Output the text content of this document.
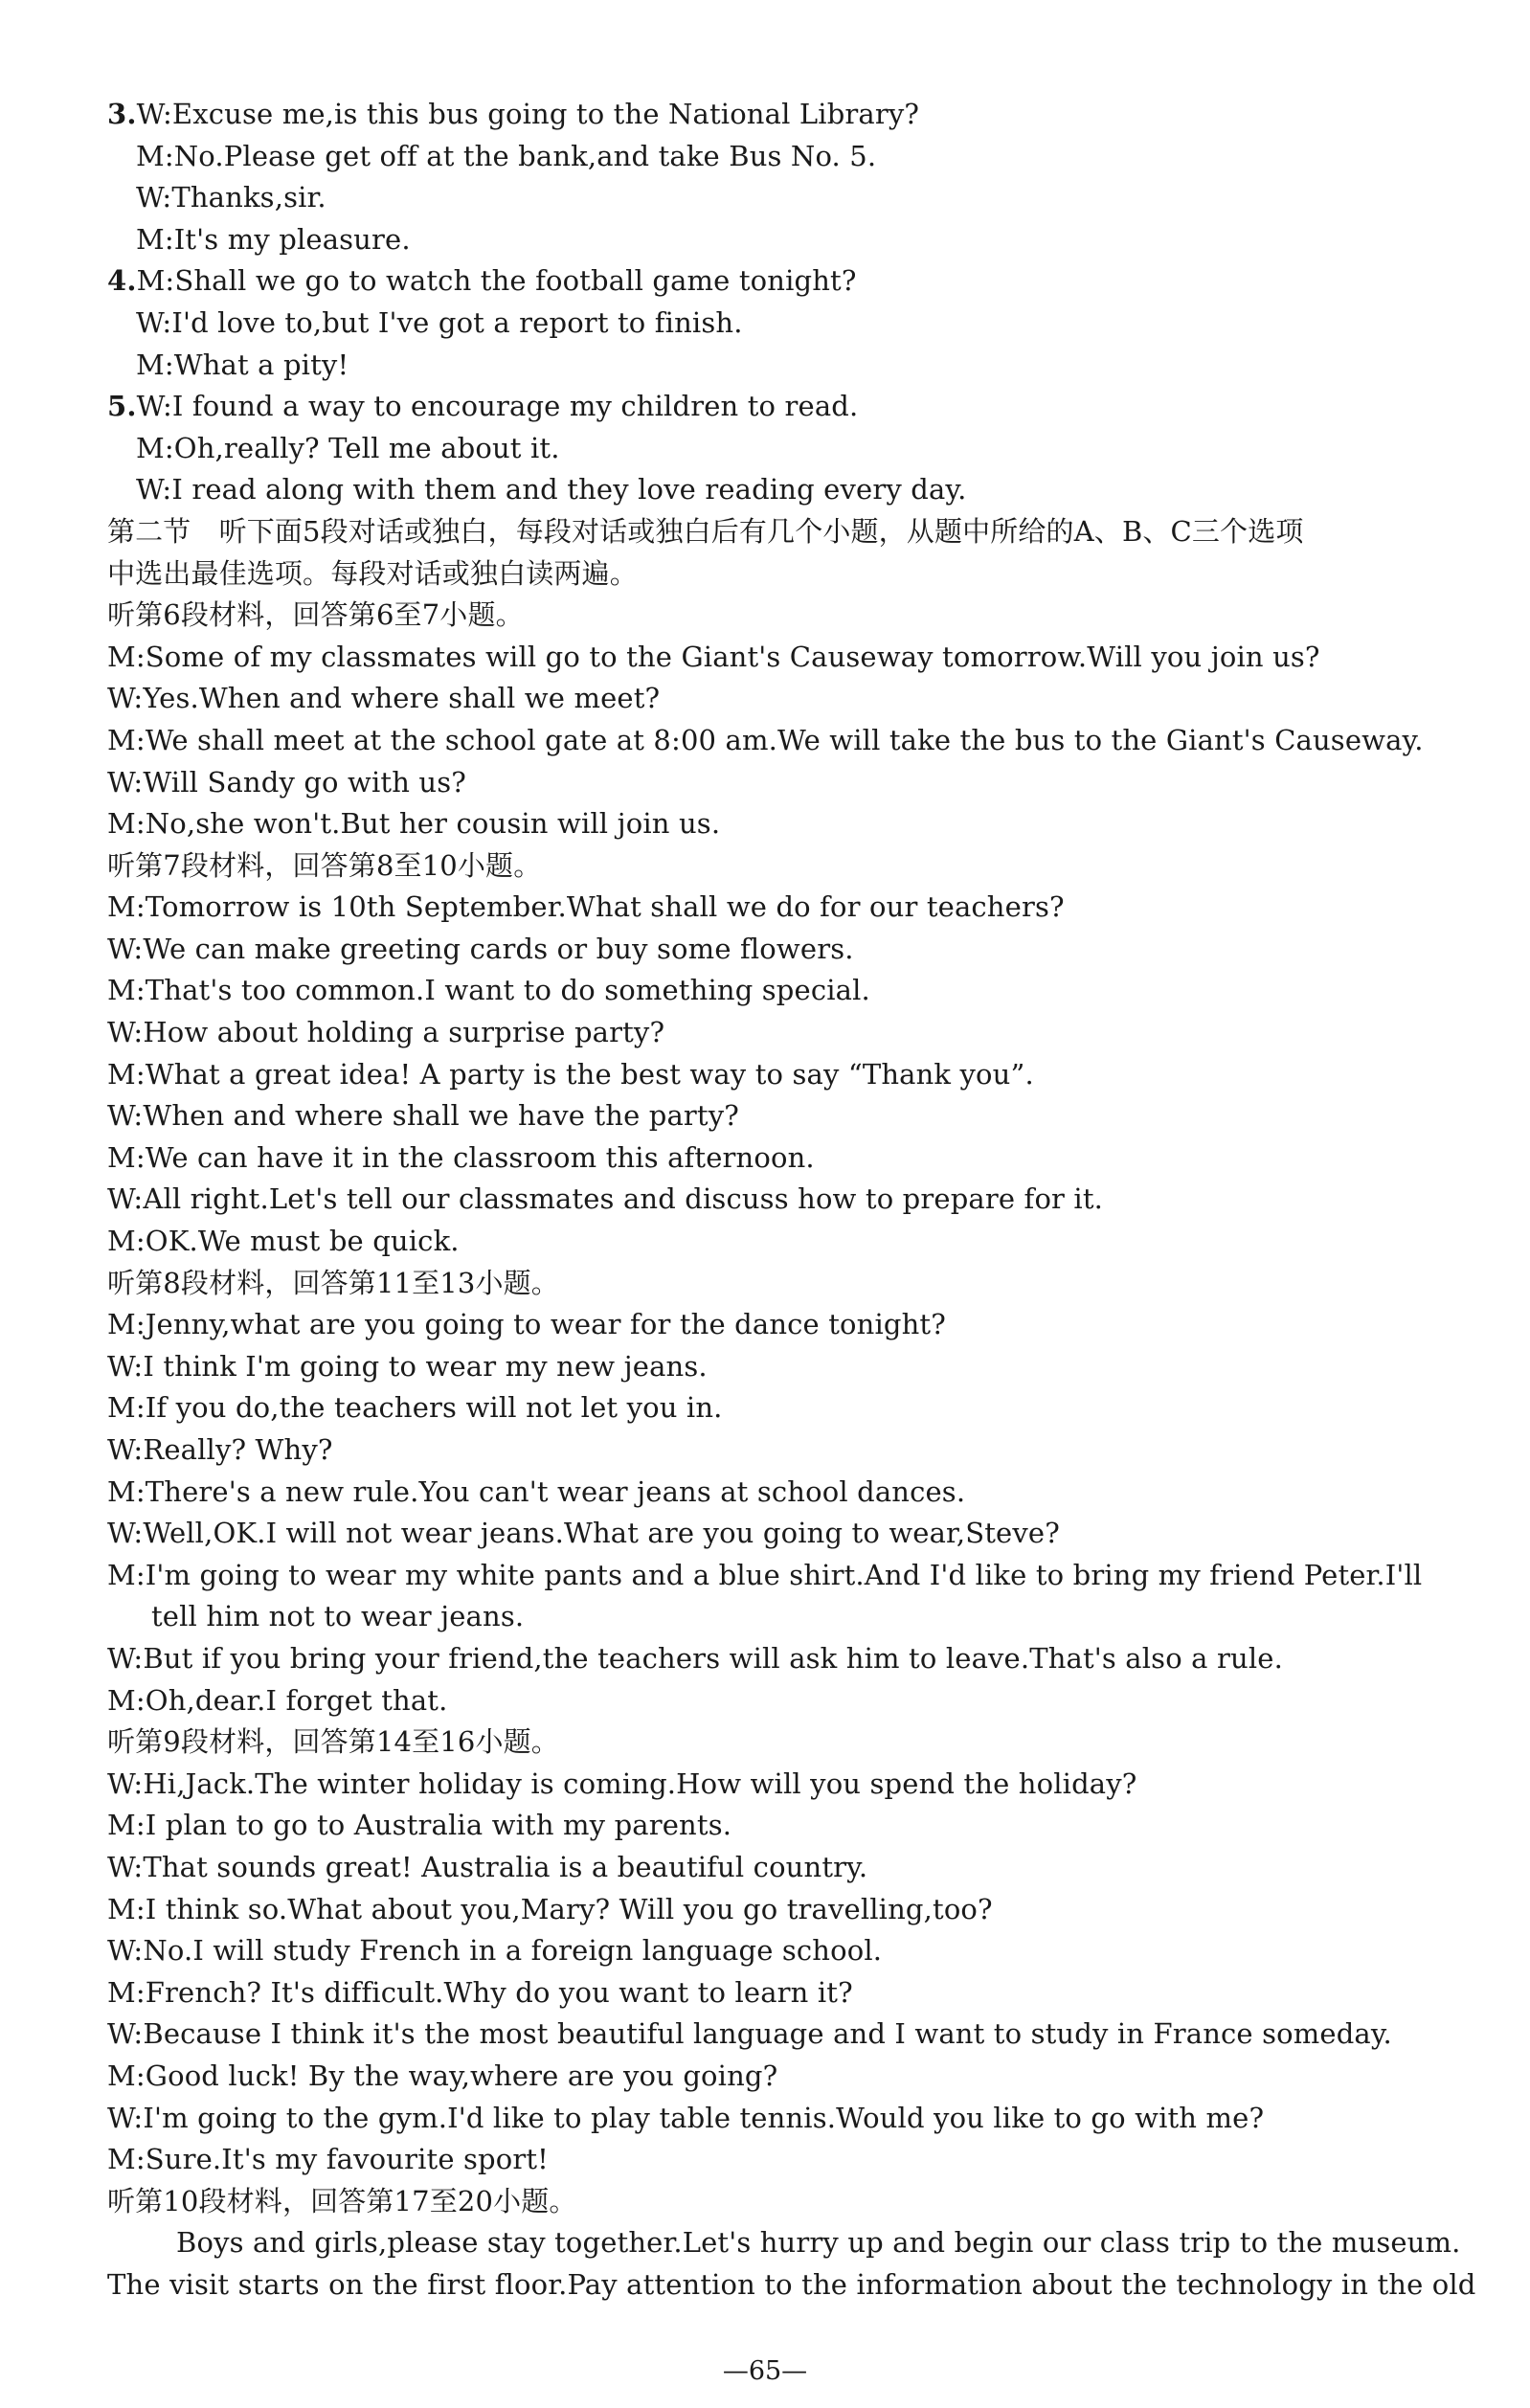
3.W:Excuse me,is this bus going to the National Library?
M:No.Please get off at the bank,and take Bus No. 5.
W:Thanks,sir.
M:It's my pleasure.
4.M:Shall we go to watch the football game tonight?
W:I'd love to,but I've got a report to finish.
M:What a pity!
5.W:I found a way to encourage my children to read.
M:Oh,really? Tell me about it.
W:I read along with them and they love reading every day.
第二节　听下面5段对话或独白，每段对话或独白后有几个小题，从题中所给的A、B、C三个选项
中选出最佳选项。每段对话或独白读两遍。
听第6段材料，回答第6至7小题。
M:Some of my classmates will go to the Giant's Causeway tomorrow.Will you join us?
W:Yes.When and where shall we meet?
M:We shall meet at the school gate at 8:00 am.We will take the bus to the Giant's Causeway.
W:Will Sandy go with us?
M:No,she won't.But her cousin will join us.
听第7段材料，回答第8至10小题。
M:Tomorrow is 10th September.What shall we do for our teachers?
W:We can make greeting cards or buy some flowers.
M:That's too common.I want to do something special.
W:How about holding a surprise party?
M:What a great idea! A party is the best way to say “Thank you”.
W:When and where shall we have the party?
M:We can have it in the classroom this afternoon.
W:All right.Let's tell our classmates and discuss how to prepare for it.
M:OK.We must be quick.
听第8段材料，回答第11至13小题。
M:Jenny,what are you going to wear for the dance tonight?
W:I think I'm going to wear my new jeans.
M:If you do,the teachers will not let you in.
W:Really? Why?
M:There's a new rule.You can't wear jeans at school dances.
W:Well,OK.I will not wear jeans.What are you going to wear,Steve?
M:I'm going to wear my white pants and a blue shirt.And I'd like to bring my friend Peter.I'll
tell him not to wear jeans.
W:But if you bring your friend,the teachers will ask him to leave.That's also a rule.
M:Oh,dear.I forget that.
听第9段材料，回答第14至16小题。
W:Hi,Jack.The winter holiday is coming.How will you spend the holiday?
M:I plan to go to Australia with my parents.
W:That sounds great! Australia is a beautiful country.
M:I think so.What about you,Mary? Will you go travelling,too?
W:No.I will study French in a foreign language school.
M:French? It's difficult.Why do you want to learn it?
W:Because I think it's the most beautiful language and I want to study in France someday.
M:Good luck! By the way,where are you going?
W:I'm going to the gym.I'd like to play table tennis.Would you like to go with me?
M:Sure.It's my favourite sport!
听第10段材料，回答第17至20小题。
Boys and girls,please stay together.Let's hurry up and begin our class trip to the museum.
The visit starts on the first floor.Pay attention to the information about the technology in the old
—65—
